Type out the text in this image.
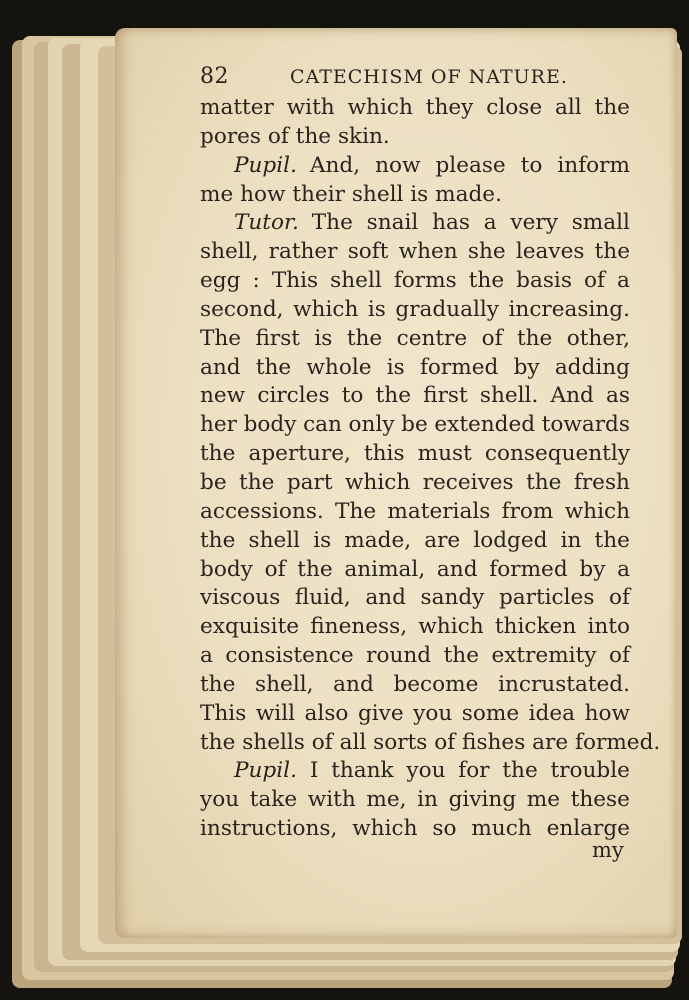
82	CATECHISM OF NATURE.
matter with which they close all the
pores of the skin.
Pupil. And, now please to inform
me how their shell is made.
Tutor. The snail has a very small
shell, rather soft when she leaves the
egg : This shell forms the basis of a
second, which is gradually increasing.
The first is the centre of the other,
and the whole is formed by adding
new circles to the first shell. And as
her body can only be extended towards
the aperture, this must consequently
be the part which receives the fresh
accessions. The materials from which
the shell is made, are lodged in the
body of the animal, and formed by a
viscous fluid, and sandy particles of
exquisite fineness, which thicken into
a consistence round the extremity of
the shell, and become incrustated.
This will also give you some idea how
the shells of all sorts of fishes are formed.
Pupil. I thank you for the trouble
you take with me, in giving me these
instructions, which so much enlarge
my
